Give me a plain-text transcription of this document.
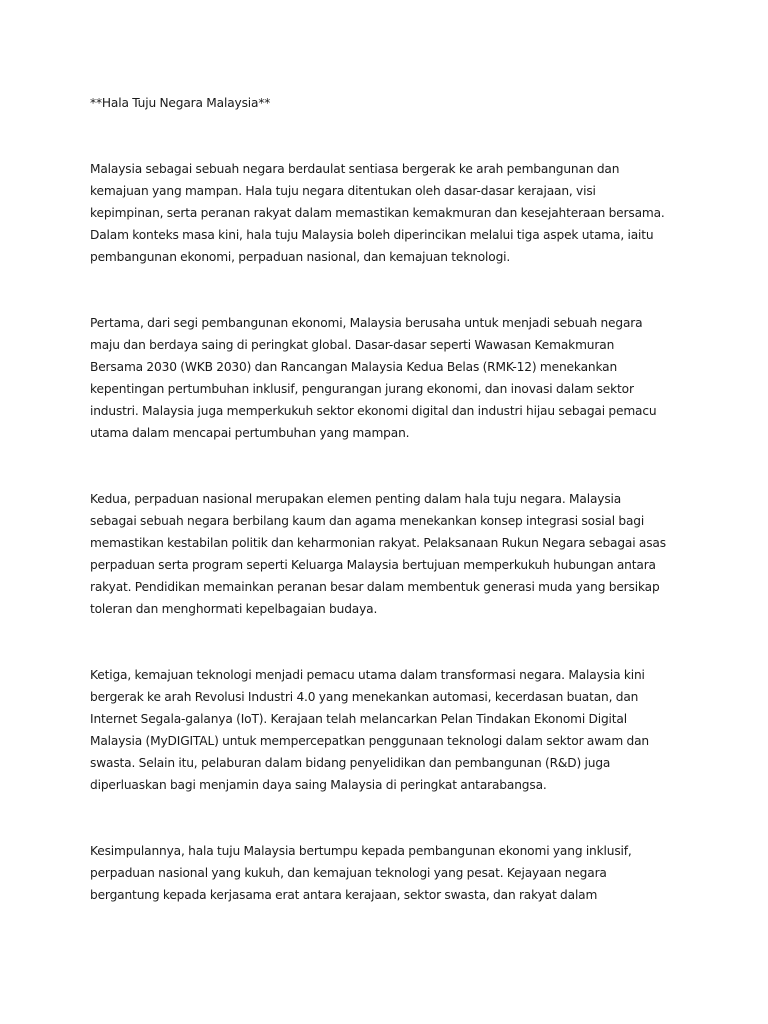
**Hala Tuju Negara Malaysia**
Malaysia sebagai sebuah negara berdaulat sentiasa bergerak ke arah pembangunan dan
kemajuan yang mampan. Hala tuju negara ditentukan oleh dasar-dasar kerajaan, visi
kepimpinan, serta peranan rakyat dalam memastikan kemakmuran dan kesejahteraan bersama.
Dalam konteks masa kini, hala tuju Malaysia boleh diperincikan melalui tiga aspek utama, iaitu
pembangunan ekonomi, perpaduan nasional, dan kemajuan teknologi.
Pertama, dari segi pembangunan ekonomi, Malaysia berusaha untuk menjadi sebuah negara
maju dan berdaya saing di peringkat global. Dasar-dasar seperti Wawasan Kemakmuran
Bersama 2030 (WKB 2030) dan Rancangan Malaysia Kedua Belas (RMK-12) menekankan
kepentingan pertumbuhan inklusif, pengurangan jurang ekonomi, dan inovasi dalam sektor
industri. Malaysia juga memperkukuh sektor ekonomi digital dan industri hijau sebagai pemacu
utama dalam mencapai pertumbuhan yang mampan.
Kedua, perpaduan nasional merupakan elemen penting dalam hala tuju negara. Malaysia
sebagai sebuah negara berbilang kaum dan agama menekankan konsep integrasi sosial bagi
memastikan kestabilan politik dan keharmonian rakyat. Pelaksanaan Rukun Negara sebagai asas
perpaduan serta program seperti Keluarga Malaysia bertujuan memperkukuh hubungan antara
rakyat. Pendidikan memainkan peranan besar dalam membentuk generasi muda yang bersikap
toleran dan menghormati kepelbagaian budaya.
Ketiga, kemajuan teknologi menjadi pemacu utama dalam transformasi negara. Malaysia kini
bergerak ke arah Revolusi Industri 4.0 yang menekankan automasi, kecerdasan buatan, dan
Internet Segala-galanya (IoT). Kerajaan telah melancarkan Pelan Tindakan Ekonomi Digital
Malaysia (MyDIGITAL) untuk mempercepatkan penggunaan teknologi dalam sektor awam dan
swasta. Selain itu, pelaburan dalam bidang penyelidikan dan pembangunan (R&D) juga
diperluaskan bagi menjamin daya saing Malaysia di peringkat antarabangsa.
Kesimpulannya, hala tuju Malaysia bertumpu kepada pembangunan ekonomi yang inklusif,
perpaduan nasional yang kukuh, dan kemajuan teknologi yang pesat. Kejayaan negara
bergantung kepada kerjasama erat antara kerajaan, sektor swasta, dan rakyat dalam
